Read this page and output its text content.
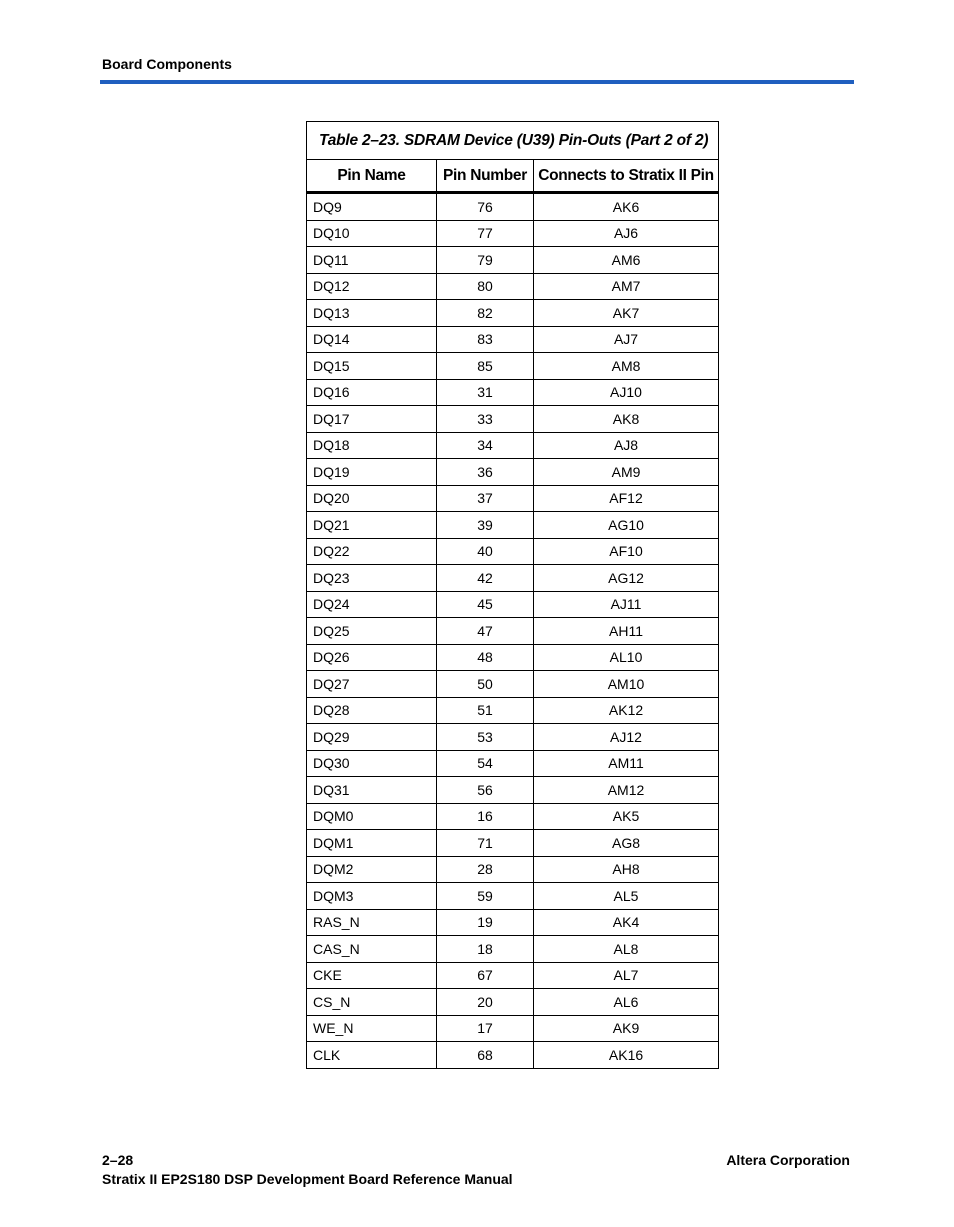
Board Components
Table 2–23. SDRAM Device (U39) Pin-Outs (Part 2 of 2)		
Pin Name	Pin Number	Connects to Stratix II Pin
DQ9	76	AK6
DQ10	77	AJ6
DQ11	79	AM6
DQ12	80	AM7
DQ13	82	AK7
DQ14	83	AJ7
DQ15	85	AM8
DQ16	31	AJ10
DQ17	33	AK8
DQ18	34	AJ8
DQ19	36	AM9
DQ20	37	AF12
DQ21	39	AG10
DQ22	40	AF10
DQ23	42	AG12
DQ24	45	AJ11
DQ25	47	AH11
DQ26	48	AL10
DQ27	50	AM10
DQ28	51	AK12
DQ29	53	AJ12
DQ30	54	AM11
DQ31	56	AM12
DQM0	16	AK5
DQM1	71	AG8
DQM2	28	AH8
DQM3	59	AL5
RAS_N	19	AK4
CAS_N	18	AL8
CKE	67	AL7
CS_N	20	AL6
WE_N	17	AK9
CLK	68	AK16
2–28
Stratix II EP2S180 DSP Development Board Reference Manual
Altera Corporation
